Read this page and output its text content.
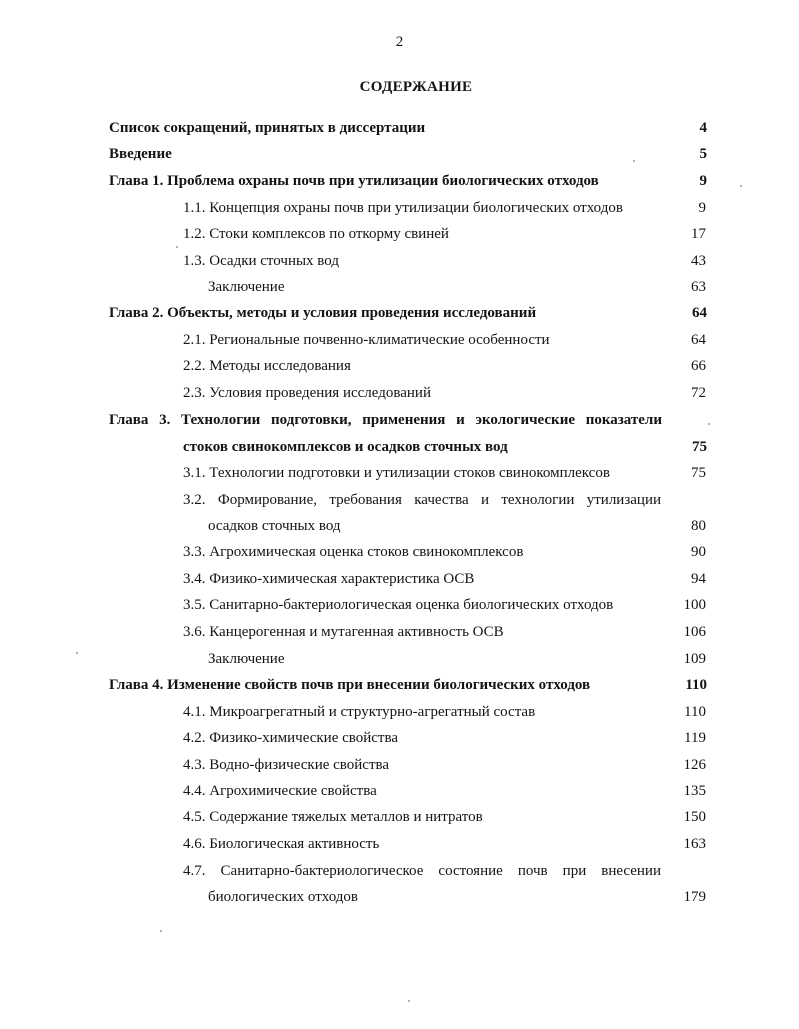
2
СОДЕРЖАНИЕ
Список сокращений, принятых в диссертации	4
Введение	5
Глава 1. Проблема охраны почв при утилизации биологических отходов	9
1.1. Концепция охраны почв при утилизации биологических отходов	9
1.2. Стоки комплексов по откорму свиней	17
1.3. Осадки сточных вод	43
Заключение	63
Глава 2. Объекты, методы и условия проведения исследований	64
2.1. Региональные почвенно-климатические особенности	64
2.2. Методы исследования	66
2.3. Условия проведения исследований	72
Глава 3. Технологии подготовки, применения и экологические показатели
стоков свинокомплексов и осадков сточных вод	75
3.1. Технологии подготовки и утилизации стоков свинокомплексов	75
3.2. Формирование, требования качества и технологии утилизации
осадков сточных вод	80
3.3. Агрохимическая оценка стоков свинокомплексов	90
3.4. Физико-химическая характеристика ОСВ	94
3.5. Санитарно-бактериологическая оценка биологических отходов	100
3.6. Канцерогенная и мутагенная активность ОСВ	106
Заключение	109
Глава 4. Изменение свойств почв при внесении биологических отходов	110
4.1. Микроагрегатный и структурно-агрегатный состав	110
4.2. Физико-химические свойства	119
4.3. Водно-физические свойства	126
4.4. Агрохимические свойства	135
4.5. Содержание тяжелых металлов и нитратов	150
4.6. Биологическая активность	163
4.7. Санитарно-бактериологическое состояние почв при внесении
биологических отходов	179
